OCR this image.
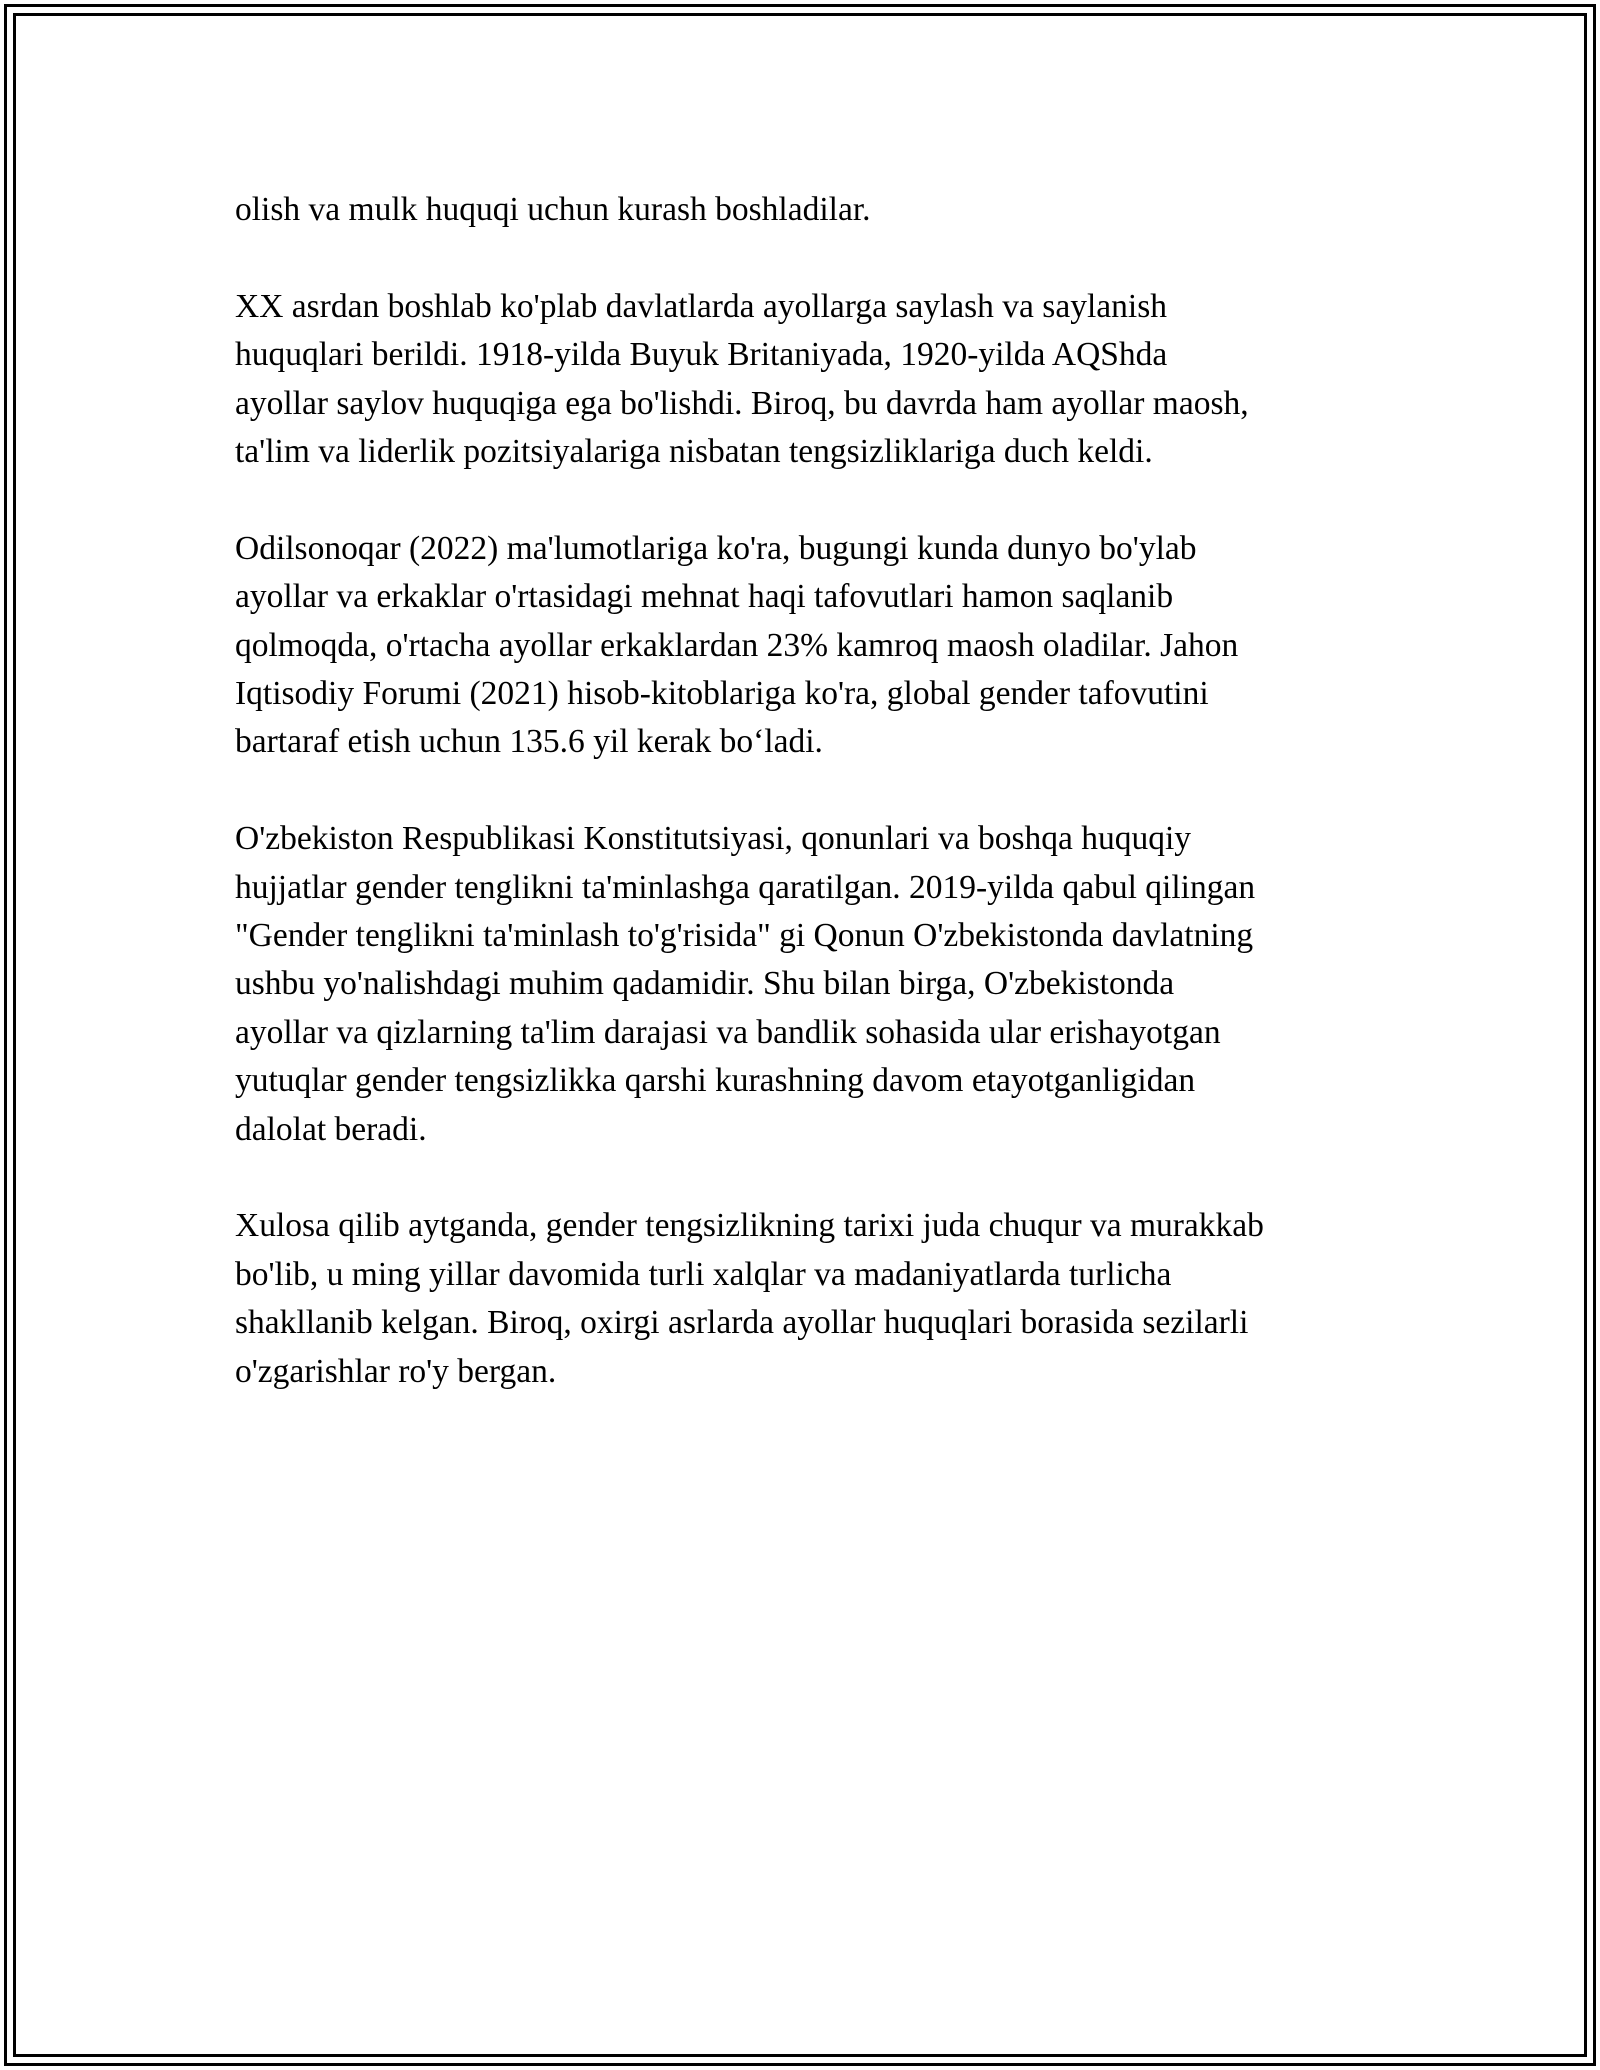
olish va mulk huquqi uchun kurash boshladilar.

XX asrdan boshlab ko'plab davlatlarda ayollarga saylash va saylanish
huquqlari berildi. 1918-yilda Buyuk Britaniyada, 1920-yilda AQShda
ayollar saylov huquqiga ega bo'lishdi. Biroq, bu davrda ham ayollar maosh,
ta'lim va liderlik pozitsiyalariga nisbatan tengsizliklariga duch keldi.

Odilsonoqar (2022) ma'lumotlariga ko'ra, bugungi kunda dunyo bo'ylab
ayollar va erkaklar o'rtasidagi mehnat haqi tafovutlari hamon saqlanib
qolmoqda, o'rtacha ayollar erkaklardan 23% kamroq maosh oladilar. Jahon
Iqtisodiy Forumi (2021) hisob-kitoblariga ko'ra, global gender tafovutini
bartaraf etish uchun 135.6 yil kerak bo‘ladi.

O'zbekiston Respublikasi Konstitutsiyasi, qonunlari va boshqa huquqiy
hujjatlar gender tenglikni ta'minlashga qaratilgan. 2019-yilda qabul qilingan
"Gender tenglikni ta'minlash to'g'risida" gi Qonun O'zbekistonda davlatning
ushbu yo'nalishdagi muhim qadamidir. Shu bilan birga, O'zbekistonda
ayollar va qizlarning ta'lim darajasi va bandlik sohasida ular erishayotgan
yutuqlar gender tengsizlikka qarshi kurashning davom etayotganligidan
dalolat beradi.

Xulosa qilib aytganda, gender tengsizlikning tarixi juda chuqur va murakkab
bo'lib, u ming yillar davomida turli xalqlar va madaniyatlarda turlicha
shakllanib kelgan. Biroq, oxirgi asrlarda ayollar huquqlari borasida sezilarli
o'zgarishlar ro'y bergan.
